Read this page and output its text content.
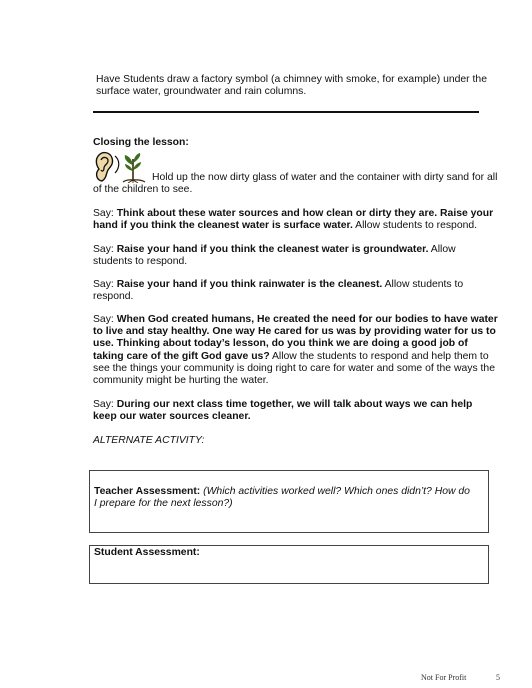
Have Students draw a factory symbol (a chimney with smoke, for example) under the surface water, groundwater and rain columns.

Closing the lesson:

Hold up the now dirty glass of water and the container with dirty sand for all of the children to see.

Say: Think about these water sources and how clean or dirty they are. Raise your hand if you think the cleanest water is surface water. Allow students to respond.

Say: Raise your hand if you think the cleanest water is groundwater. Allow students to respond.

Say: Raise your hand if you think rainwater is the cleanest. Allow students to respond.

Say: When God created humans, He created the need for our bodies to have water to live and stay healthy. One way He cared for us was by providing water for us to use. Thinking about today’s lesson, do you think we are doing a good job of taking care of the gift God gave us? Allow the students to respond and help them to see the things your community is doing right to care for water and some of the ways the community might be hurting the water.

Say: During our next class time together, we will talk about ways we can help keep our water sources cleaner.

ALTERNATE ACTIVITY:

Teacher Assessment: (Which activities worked well? Which ones didn’t? How do I prepare for the next lesson?)

Student Assessment:

Not For Profit	5
